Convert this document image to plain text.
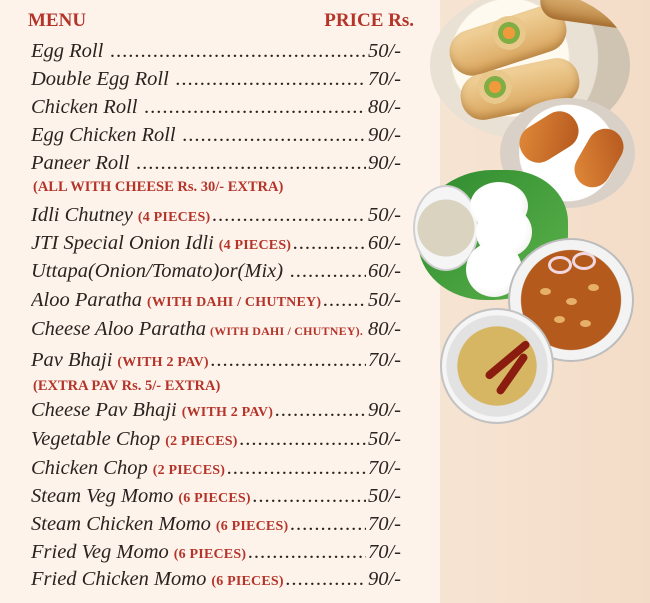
MENU	PRICE Rs.
Egg Roll .....	50/-
Double Egg Roll .....	70/-
Chicken Roll .....	80/-
Egg Chicken Roll .....	90/-
Paneer Roll .....	90/-
(ALL WITH CHEESE Rs. 30/- EXTRA)
Idli Chutney (4 PIECES) .....	50/-
JTI Special Onion Idli (4 PIECES) .....	60/-
Uttapa(Onion/Tomato)or(Mix) .....	60/-
Aloo Paratha (WITH DAHI / CHUTNEY) ..... 50/-
Cheese Aloo Paratha (WITH DAHI / CHUTNEY). ..... 80/-
Pav Bhaji (WITH 2 PAV) .....	70/-
(EXTRA PAV Rs. 5/- EXTRA)
Cheese Pav Bhaji (WITH 2 PAV) .....	90/-
Vegetable Chop (2 PIECES) .....	50/-
Chicken Chop (2 PIECES) .....	70/-
Steam Veg Momo (6 PIECES) .....	50/-
Steam Chicken Momo (6 PIECES) .....	70/-
Fried Veg Momo (6 PIECES) .....	70/-
Fried Chicken Momo (6 PIECES) .....	90/-
